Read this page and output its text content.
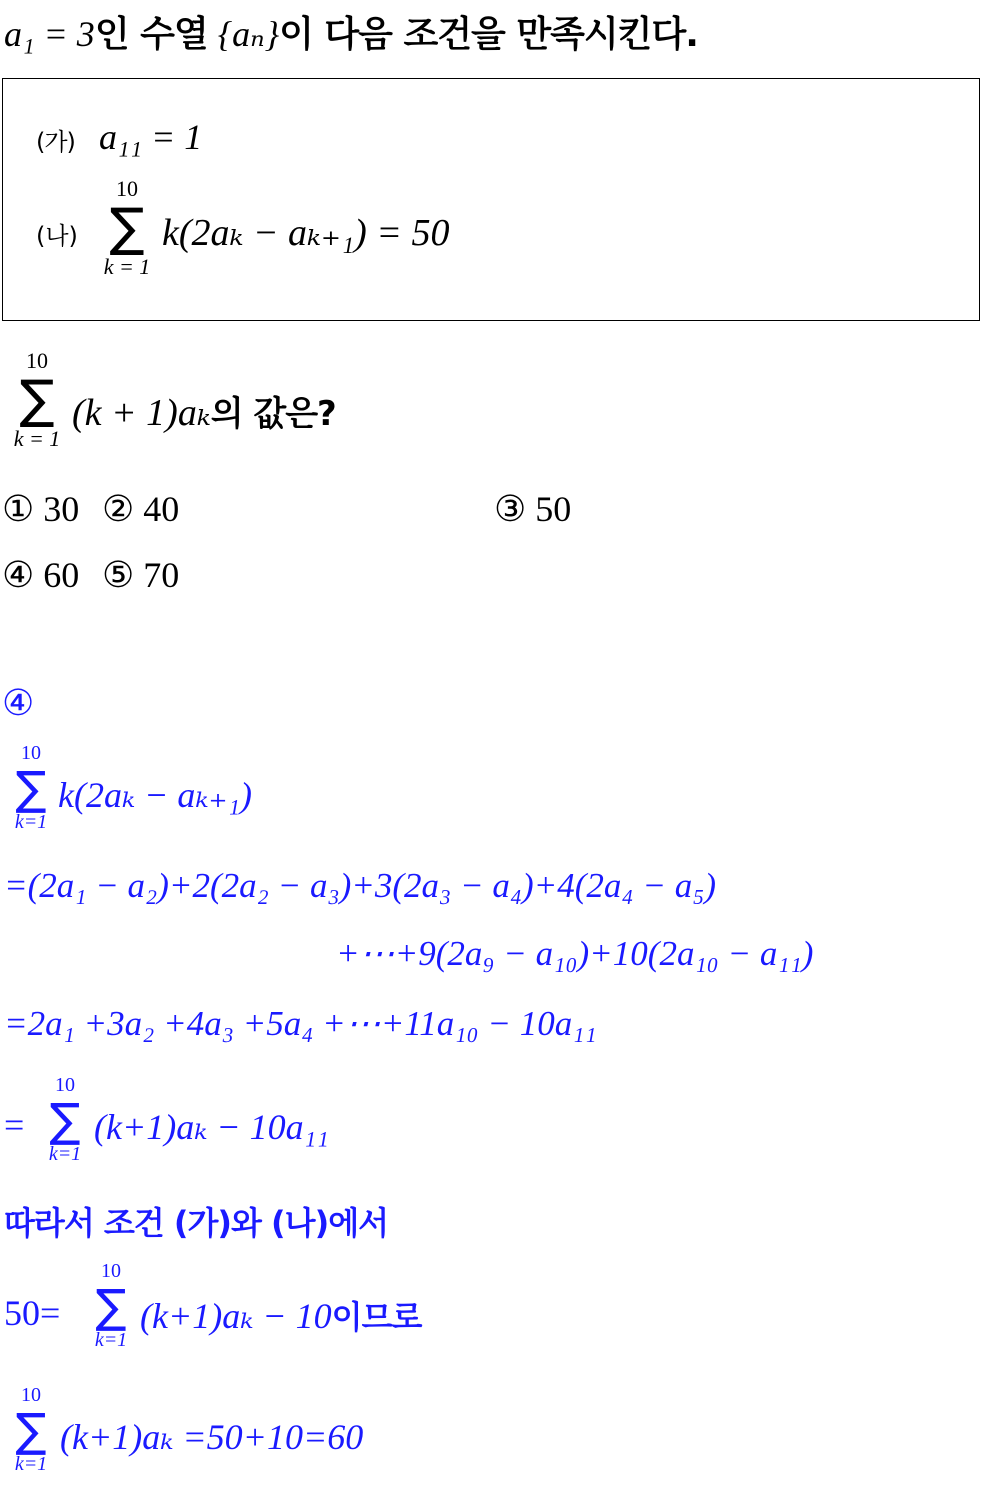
a₁ = 3인 수열 {aₙ}이 다음 조건을 만족시킨다.
(가) a₁₁ = 1
(나)
10
∑
k = 1
k(2aₖ − aₖ₊₁) = 50
10
∑
k = 1
(k + 1)aₖ의 값은?
① 30 ② 40	③ 50
④ 60 ⑤ 70
④
10
∑
k=1
k(2aₖ − aₖ₊₁)
=(2a₁ − a₂)+2(2a₂ − a₃)+3(2a₃ − a₄)+4(2a₄ − a₅)
+⋯+9(2a₉ − a₁₀)+10(2a₁₀ − a₁₁)
=2a₁ +3a₂ +4a₃ +5a₄ +⋯+11a₁₀ − 10a₁₁
=
10
∑
k=1
(k+1)aₖ − 10a₁₁
따라서 조건 (가)와 (나)에서
50=
10
∑
k=1
(k+1)aₖ − 10이므로
10
∑
k=1
(k+1)aₖ =50+10=60
